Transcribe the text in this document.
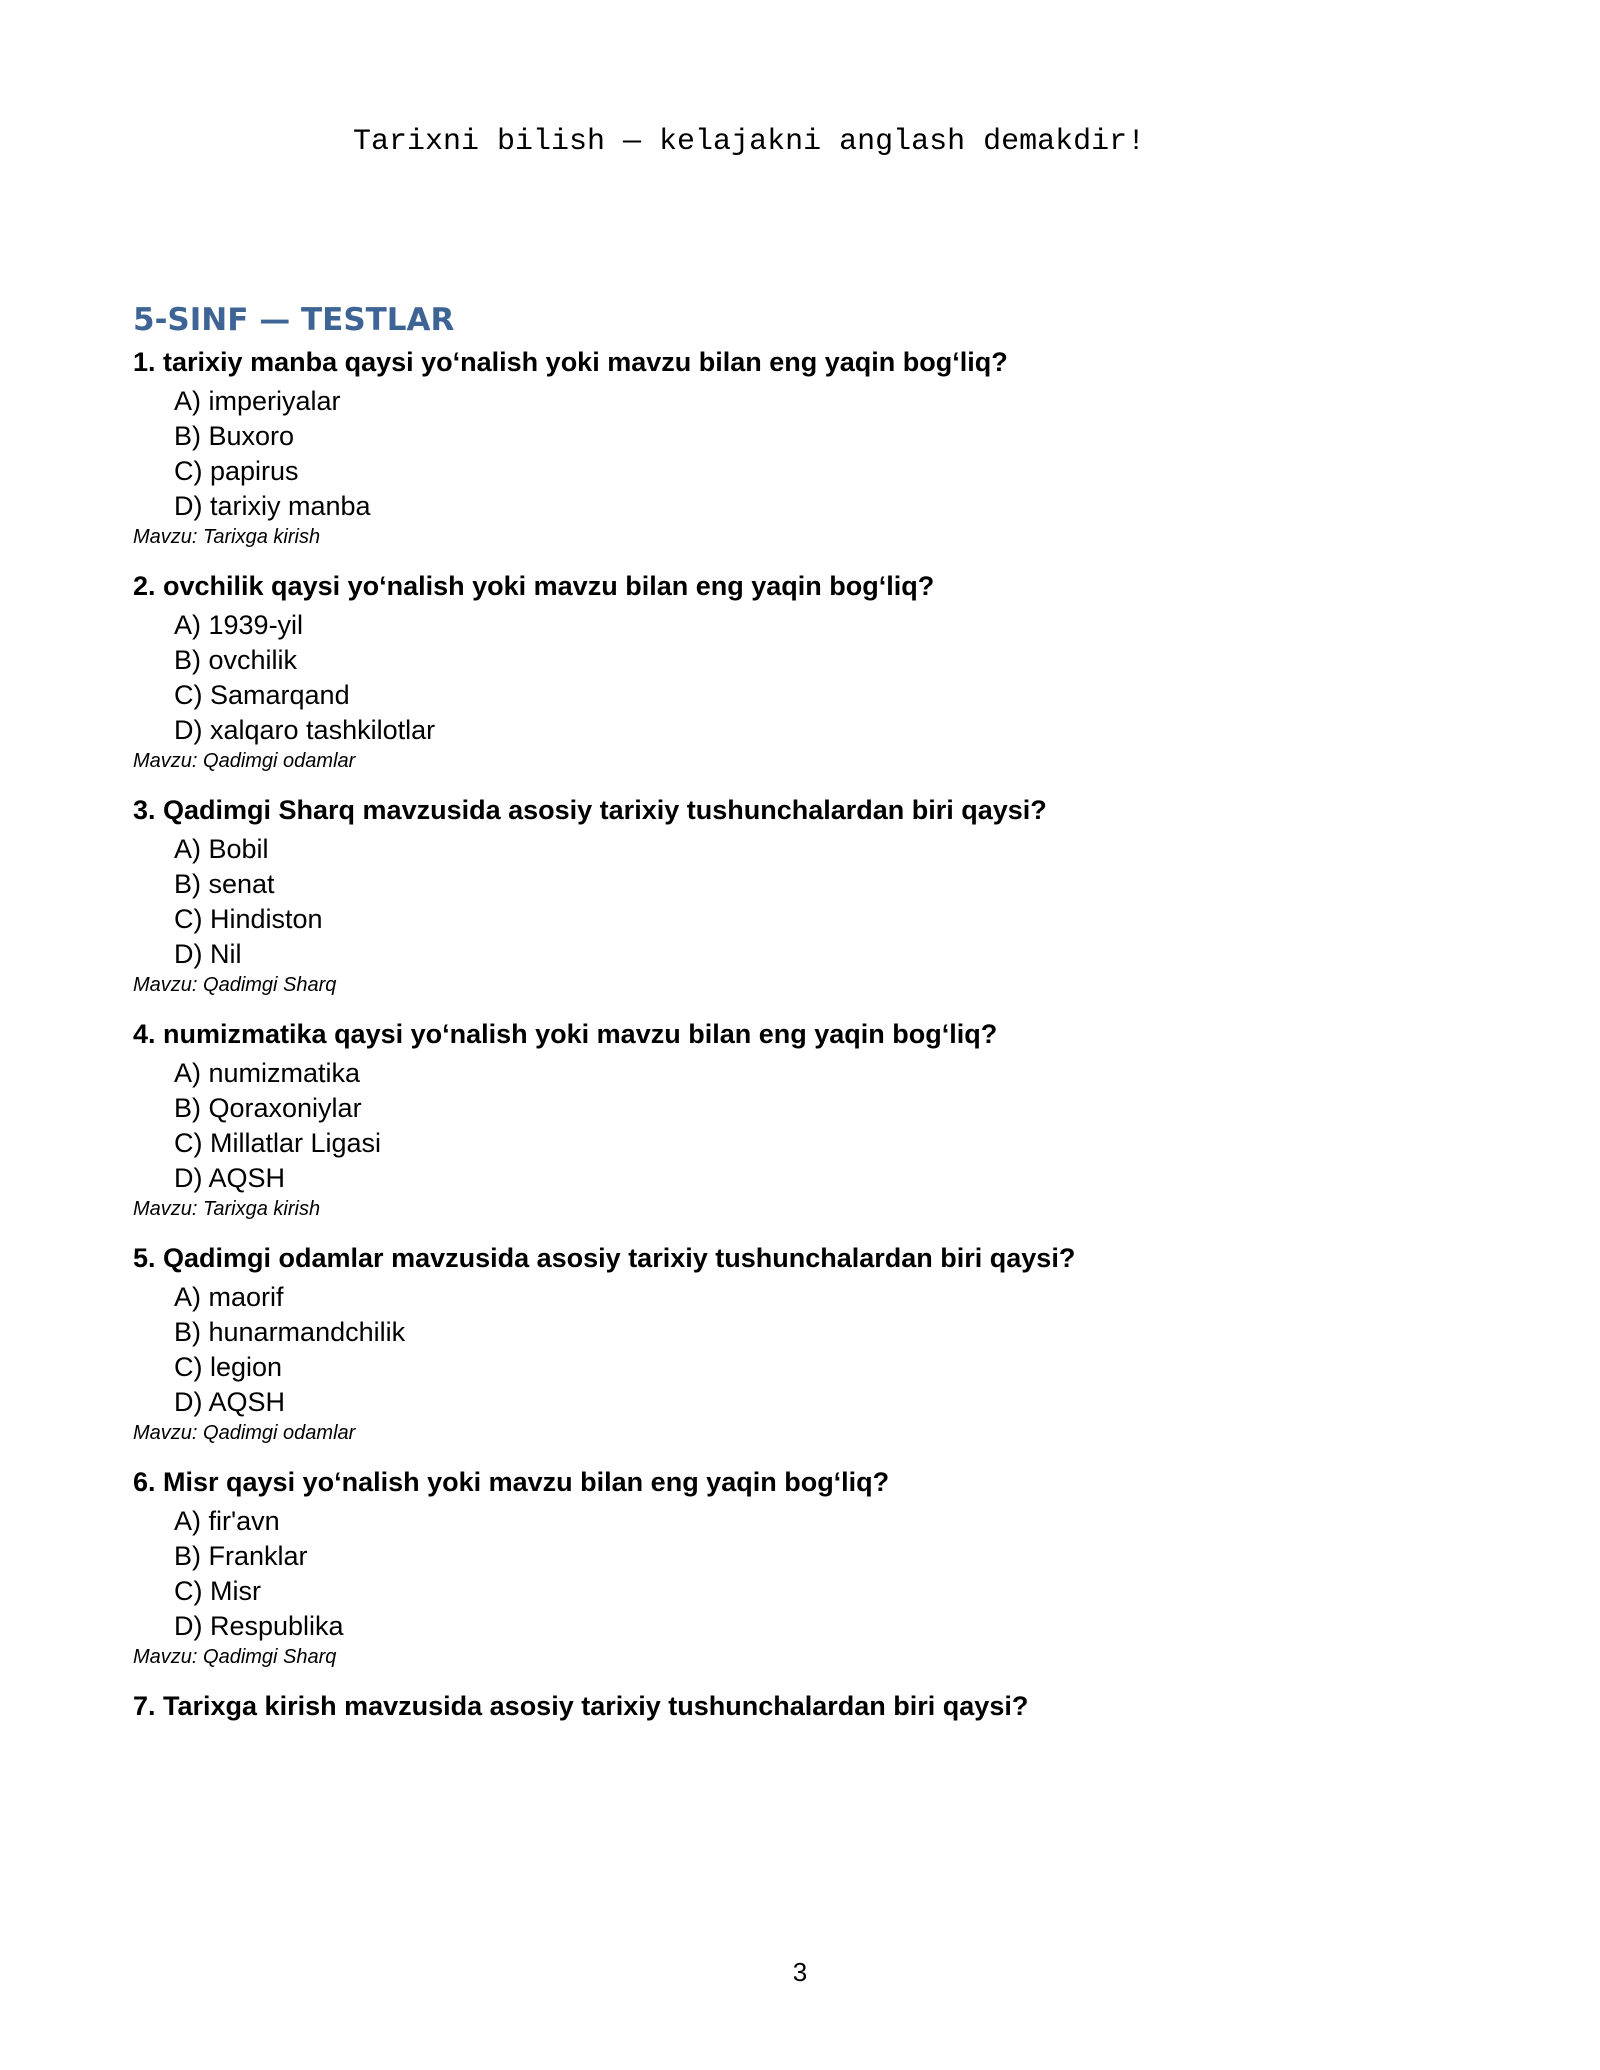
Tarixni bilish — kelajakni anglash demakdir!
5-SINF — TESTLAR
1. tarixiy manba qaysi yo‘nalish yoki mavzu bilan eng yaqin bog‘liq?
A) imperiyalar
B) Buxoro
C) papirus
D) tarixiy manba
Mavzu: Tarixga kirish
2. ovchilik qaysi yo‘nalish yoki mavzu bilan eng yaqin bog‘liq?
A) 1939-yil
B) ovchilik
C) Samarqand
D) xalqaro tashkilotlar
Mavzu: Qadimgi odamlar
3. Qadimgi Sharq mavzusida asosiy tarixiy tushunchalardan biri qaysi?
A) Bobil
B) senat
C) Hindiston
D) Nil
Mavzu: Qadimgi Sharq
4. numizmatika qaysi yo‘nalish yoki mavzu bilan eng yaqin bog‘liq?
A) numizmatika
B) Qoraxoniylar
C) Millatlar Ligasi
D) AQSH
Mavzu: Tarixga kirish
5. Qadimgi odamlar mavzusida asosiy tarixiy tushunchalardan biri qaysi?
A) maorif
B) hunarmandchilik
C) legion
D) AQSH
Mavzu: Qadimgi odamlar
6. Misr qaysi yo‘nalish yoki mavzu bilan eng yaqin bog‘liq?
A) fir'avn
B) Franklar
C) Misr
D) Respublika
Mavzu: Qadimgi Sharq
7. Tarixga kirish mavzusida asosiy tarixiy tushunchalardan biri qaysi?
3
